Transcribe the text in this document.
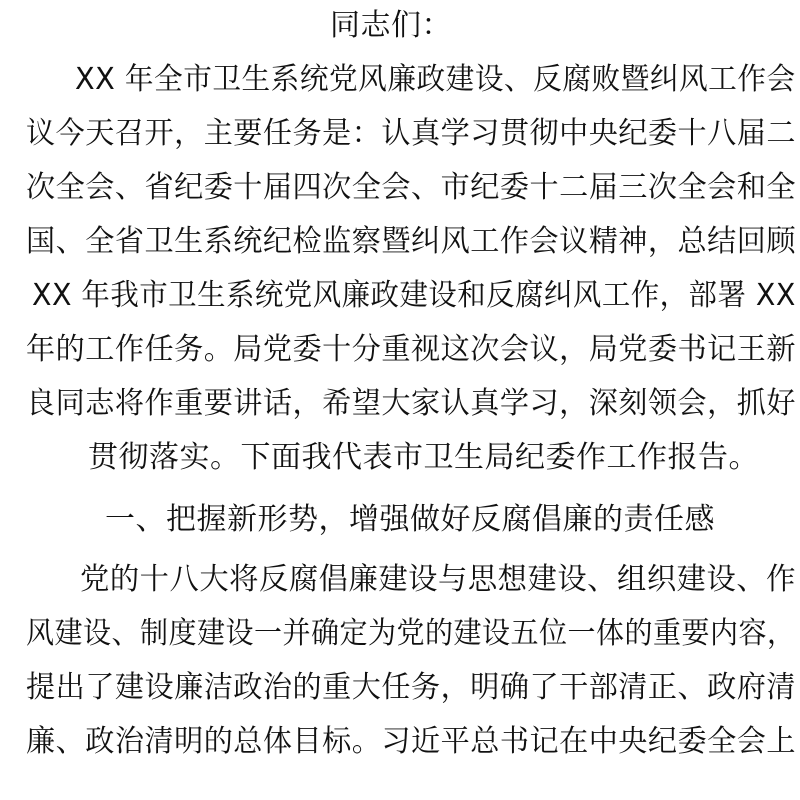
同志们：
XX 年全市卫生系统党风廉政建设、反腐败暨纠风工作会
议今天召开，主要任务是：认真学习贯彻中央纪委十八届二
次全会、省纪委十届四次全会、市纪委十二届三次全会和全
国、全省卫生系统纪检监察暨纠风工作会议精神，总结回顾
XX 年我市卫生系统党风廉政建设和反腐纠风工作，部署 XX
年的工作任务。局党委十分重视这次会议，局党委书记王新
良同志将作重要讲话，希望大家认真学习，深刻领会，抓好
贯彻落实。下面我代表市卫生局纪委作工作报告。
一、把握新形势，增强做好反腐倡廉的责任感
党的十八大将反腐倡廉建设与思想建设、组织建设、作
风建设、制度建设一并确定为党的建设五位一体的重要内容，
提出了建设廉洁政治的重大任务，明确了干部清正、政府清
廉、政治清明的总体目标。习近平总书记在中央纪委全会上
